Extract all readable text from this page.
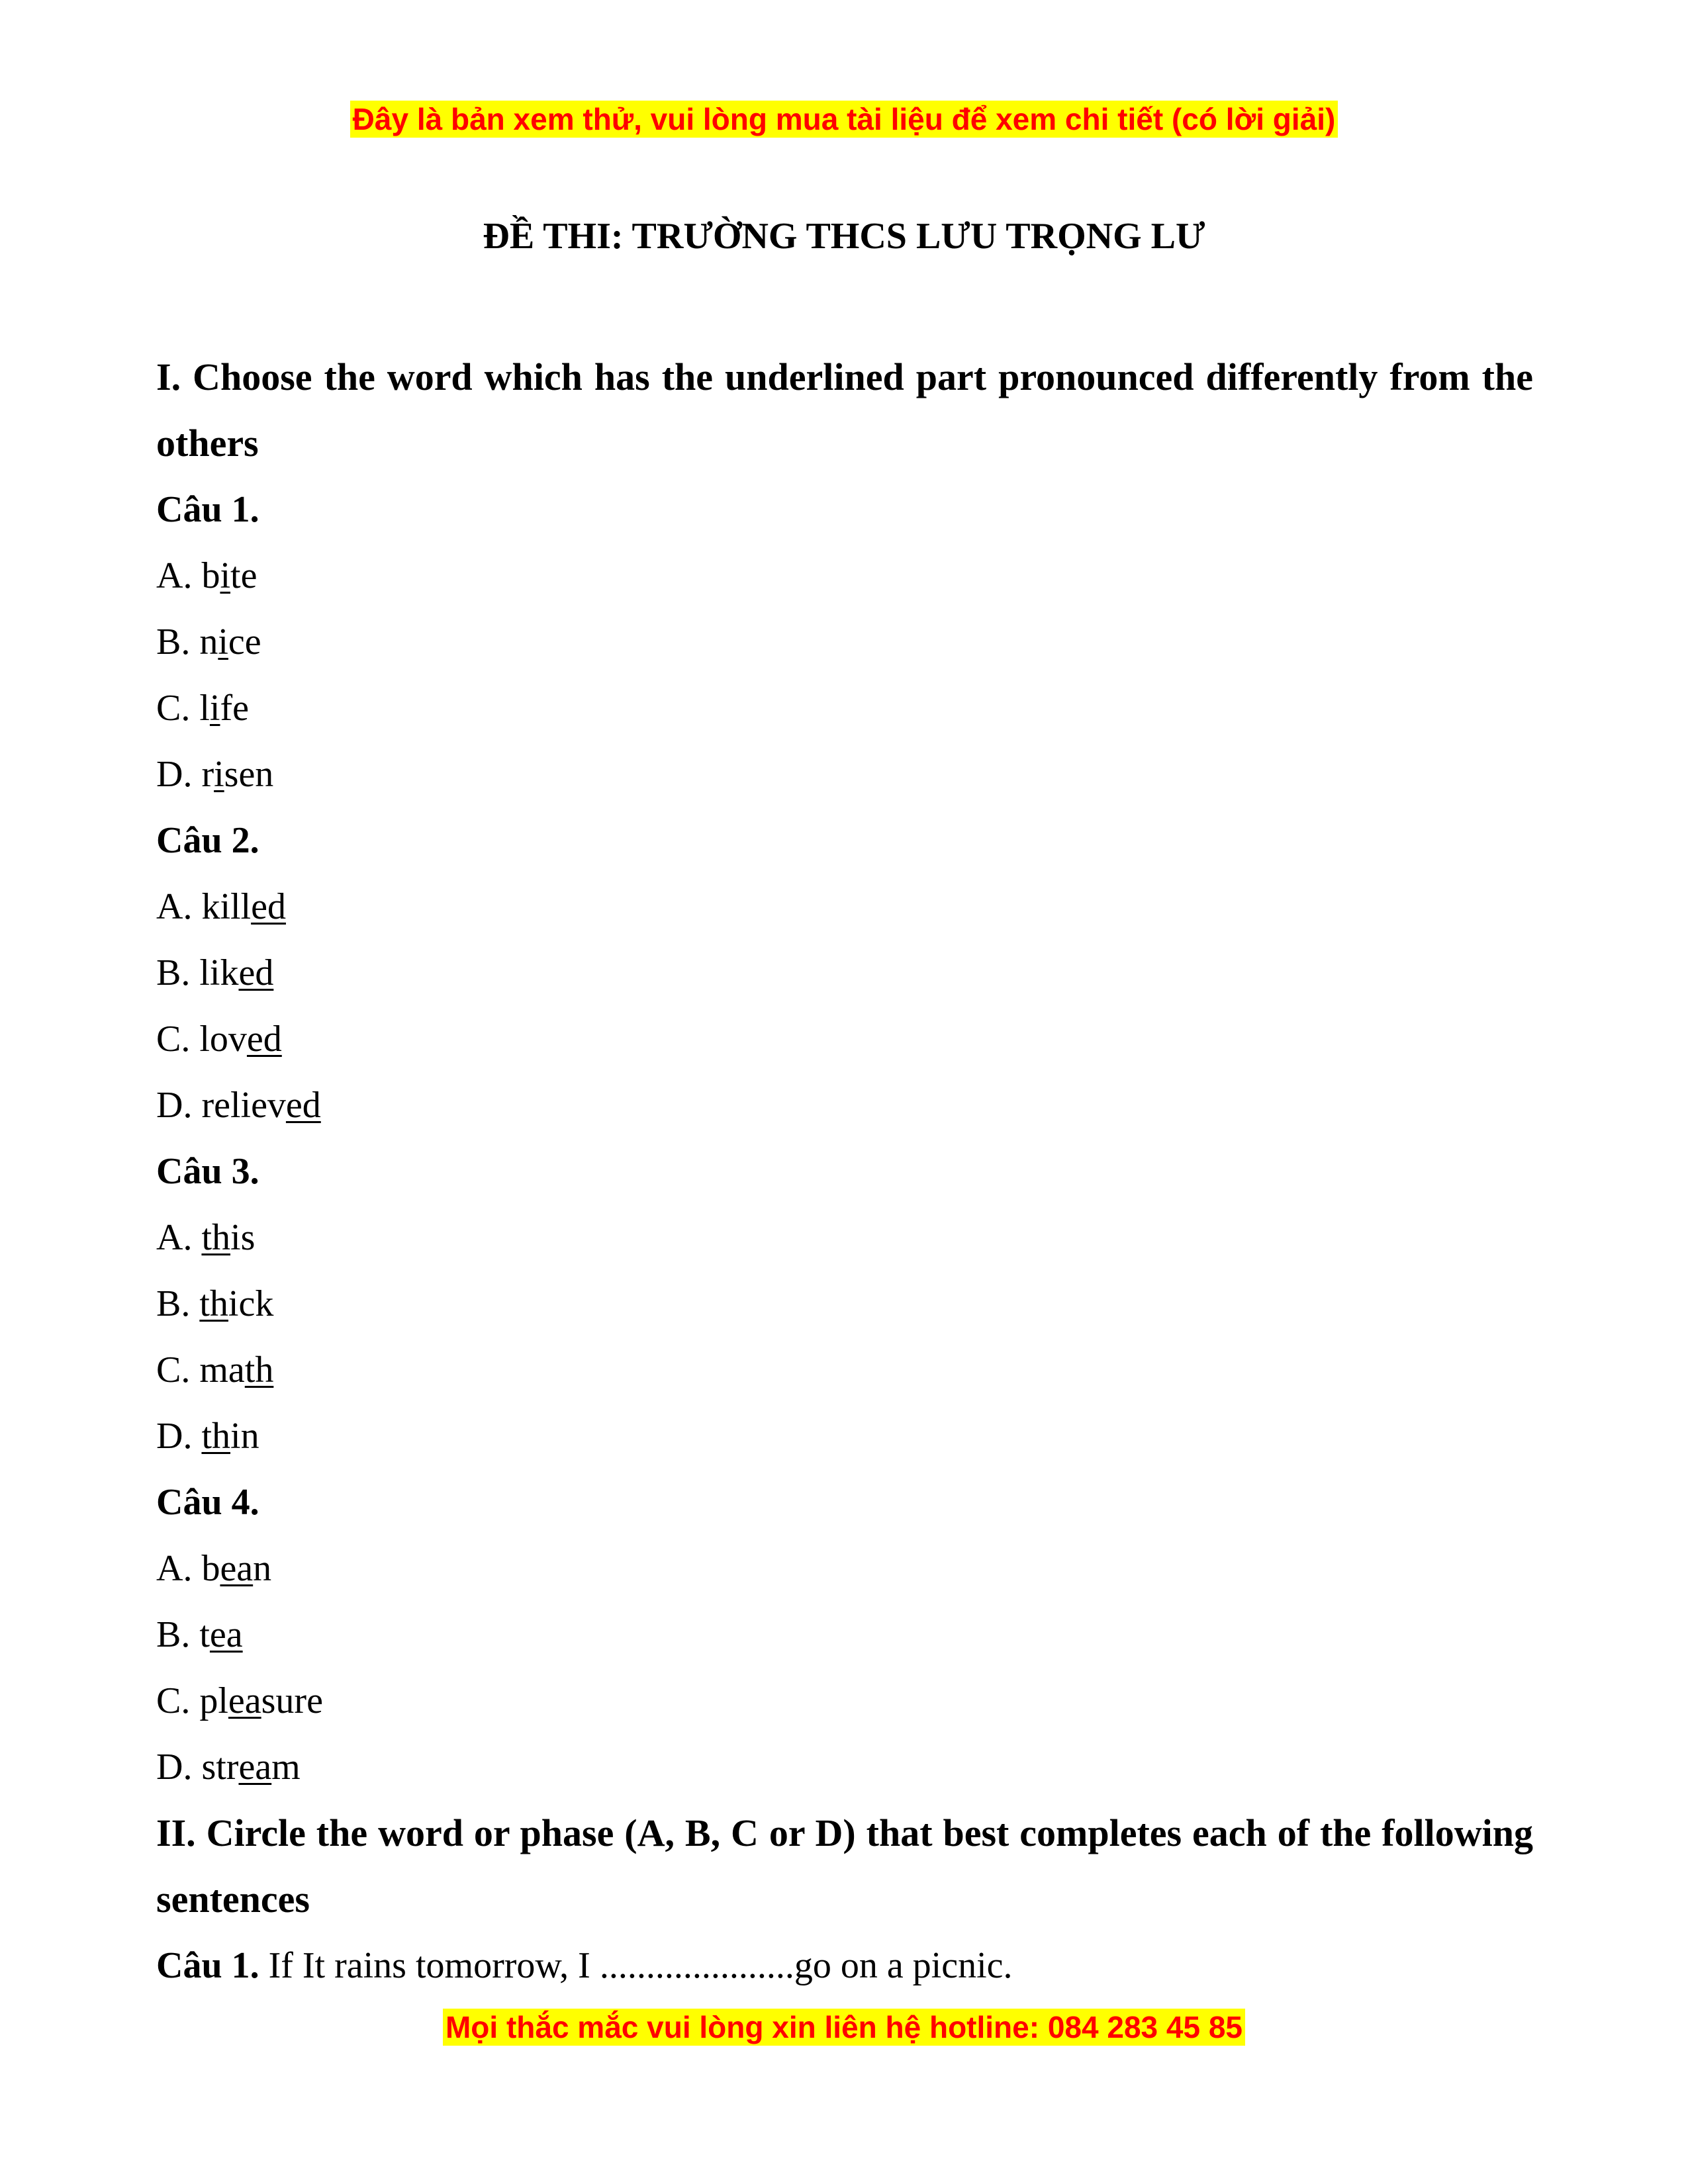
Đây là bản xem thử, vui lòng mua tài liệu để xem chi tiết (có lời giải)
ĐỀ THI: TRƯỜNG THCS LƯU TRỌNG LƯ
I. Choose the word which has the underlined part pronounced differently from the
others
Câu 1.
A. bite
B. nice
C. life
D. risen
Câu 2.
A. killed
B. liked
C. loved
D. relieved
Câu 3.
A. this
B. thick
C. math
D. thin
Câu 4.
A. bean
B. tea
C. pleasure
D. stream
II. Circle the word or phase (A, B, C or D) that best completes each of the following
sentences
Câu 1. If It rains tomorrow, I .....................go on a picnic.
Mọi thắc mắc vui lòng xin liên hệ hotline: 084 283 45 85
